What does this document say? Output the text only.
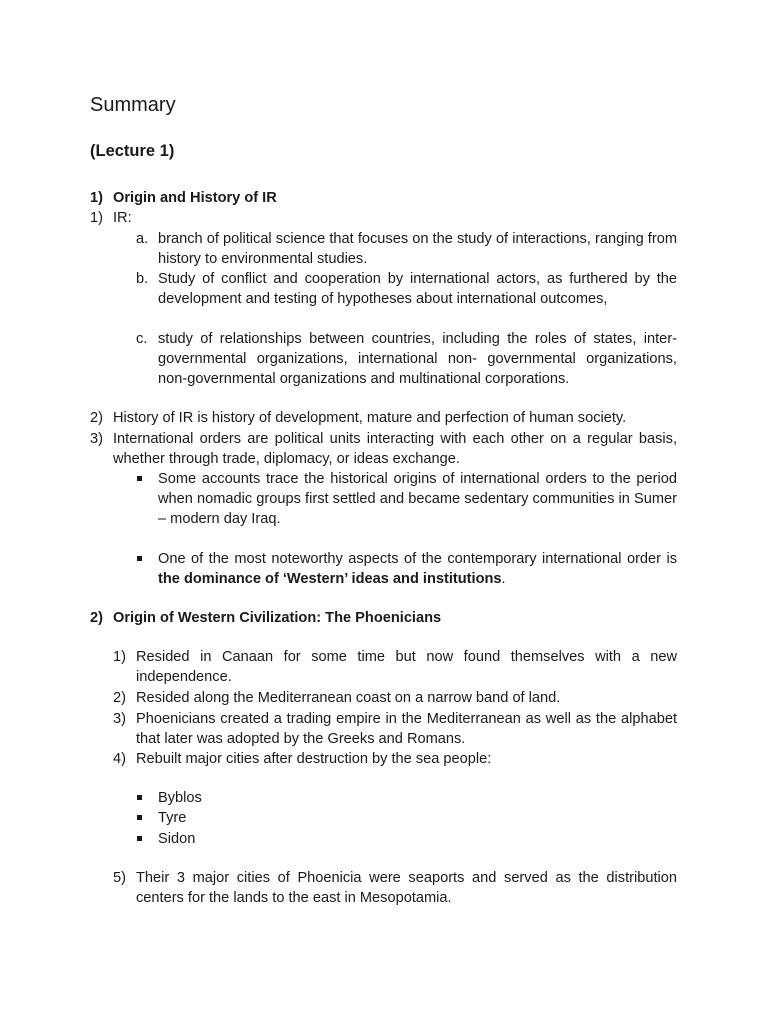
Summary
(Lecture 1)
1) Origin and History of IR
1) IR:
a. branch of political science that focuses on the study of interactions, ranging from history to environmental studies.
b. Study of conflict and cooperation by international actors, as furthered by the development and testing of hypotheses about international outcomes,
c. study of relationships between countries, including the roles of states, inter-governmental organizations, international non- governmental organizations, non-governmental organizations and multinational corporations.
2) History of IR is history of development, mature and perfection of human society.
3) International orders are political units interacting with each other on a regular basis, whether through trade, diplomacy, or ideas exchange.
Some accounts trace the historical origins of international orders to the period when nomadic groups first settled and became sedentary communities in Sumer – modern day Iraq.
One of the most noteworthy aspects of the contemporary international order is the dominance of ‘Western’ ideas and institutions.
2) Origin of Western Civilization: The Phoenicians
1) Resided in Canaan for some time but now found themselves with a new independence.
2) Resided along the Mediterranean coast on a narrow band of land.
3) Phoenicians created a trading empire in the Mediterranean as well as the alphabet that later was adopted by the Greeks and Romans.
4) Rebuilt major cities after destruction by the sea people:
Byblos
Tyre
Sidon
5) Their 3 major cities of Phoenicia were seaports and served as the distribution centers for the lands to the east in Mesopotamia.
